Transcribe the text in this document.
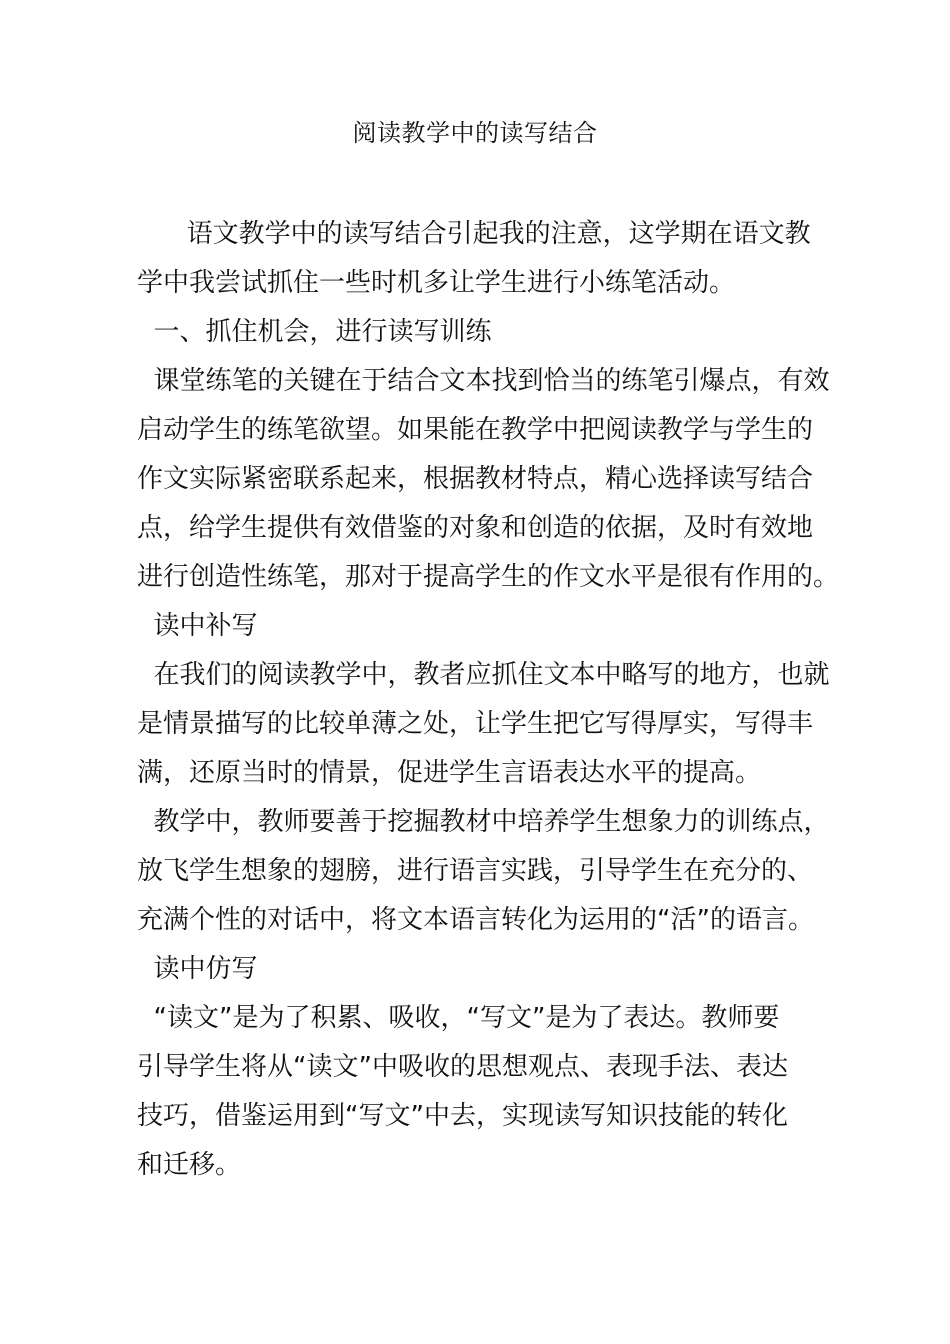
阅读教学中的读写结合
语文教学中的读写结合引起我的注意，这学期在语文教
学中我尝试抓住一些时机多让学生进行小练笔活动。
一、抓住机会，进行读写训练
课堂练笔的关键在于结合文本找到恰当的练笔引爆点，有效
启动学生的练笔欲望。如果能在教学中把阅读教学与学生的
作文实际紧密联系起来，根据教材特点，精心选择读写结合
点，给学生提供有效借鉴的对象和创造的依据，及时有效地
进行创造性练笔，那对于提高学生的作文水平是很有作用的。
读中补写
在我们的阅读教学中，教者应抓住文本中略写的地方，也就
是情景描写的比较单薄之处，让学生把它写得厚实，写得丰
满，还原当时的情景，促进学生言语表达水平的提高。
教学中，教师要善于挖掘教材中培养学生想象力的训练点，
放飞学生想象的翅膀，进行语言实践，引导学生在充分的、
充满个性的对话中，将文本语言转化为运用的“活”的语言。
读中仿写
“读文”是为了积累、吸收，“写文”是为了表达。教师要
引导学生将从“读文”中吸收的思想观点、表现手法、表达
技巧，借鉴运用到“写文”中去，实现读写知识技能的转化
和迁移。
